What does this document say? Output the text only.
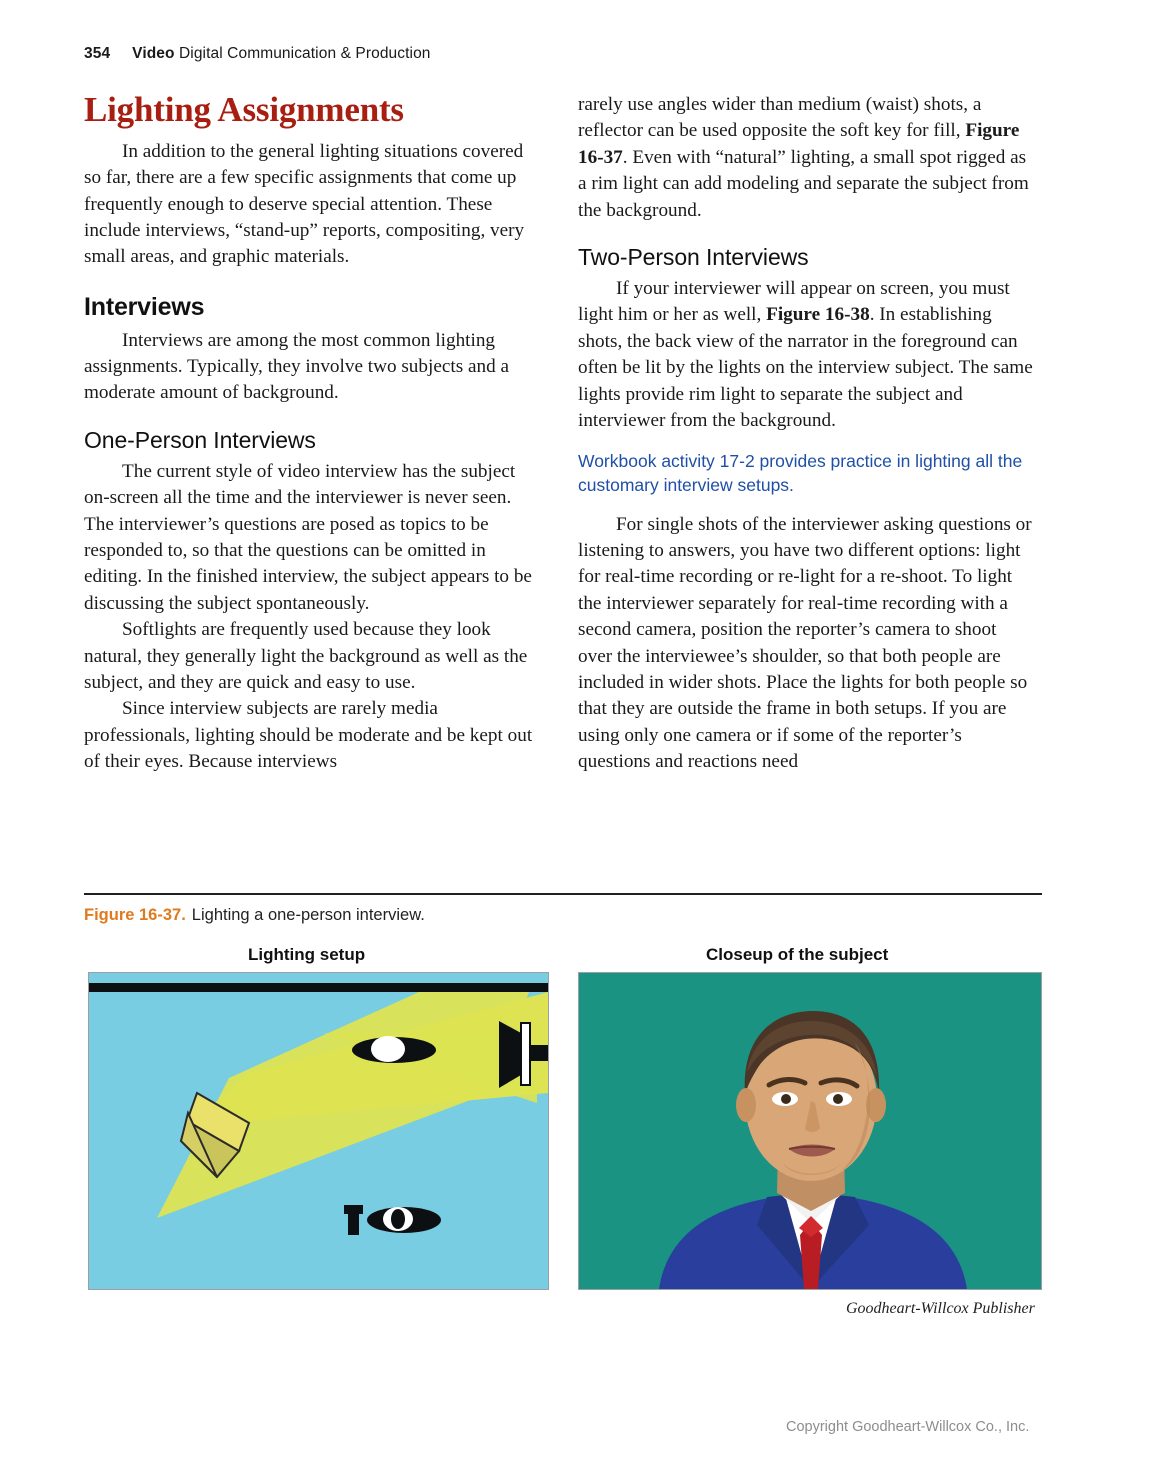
354 Video Digital Communication & Production
Lighting Assignments

In addition to the general lighting situations covered so far, there are a few specific assignments that come up frequently enough to deserve special attention. These include interviews, “stand-up” reports, compositing, very small areas, and graphic materials.

Interviews

Interviews are among the most common lighting assignments. Typically, they involve two subjects and a moderate amount of background.

One-Person Interviews

The current style of video interview has the subject on-screen all the time and the interviewer is never seen. The interviewer’s questions are posed as topics to be responded to, so that the questions can be omitted in editing. In the finished interview, the subject appears to be discussing the subject spontaneously.

Softlights are frequently used because they look natural, they generally light the background as well as the subject, and they are quick and easy to use.

Since interview subjects are rarely media professionals, lighting should be moderate and be kept out of their eyes. Because interviews

rarely use angles wider than medium (waist) shots, a reflector can be used opposite the soft key for fill, Figure 16-37. Even with “natural” lighting, a small spot rigged as a rim light can add modeling and separate the subject from the background.

Two-Person Interviews

If your interviewer will appear on screen, you must light him or her as well, Figure 16-38. In establishing shots, the back view of the narrator in the foreground can often be lit by the lights on the interview subject. The same lights provide rim light to separate the subject and interviewer from the background.

Workbook activity 17-2 provides practice in lighting all the customary interview setups.

For single shots of the interviewer asking questions or listening to answers, you have two different options: light for real-time recording or re-light for a re-shoot. To light the interviewer separately for real-time recording with a second camera, position the reporter’s camera to shoot over the interviewee’s shoulder, so that both people are included in wider shots. Place the lights for both people so that they are outside the frame in both setups. If you are using only one camera or if some of the reporter’s questions and reactions need

Figure 16-37. Lighting a one-person interview.
Lighting setup	Closeup of the subject
Goodheart-Willcox Publisher
Copyright Goodheart-Willcox Co., Inc.
